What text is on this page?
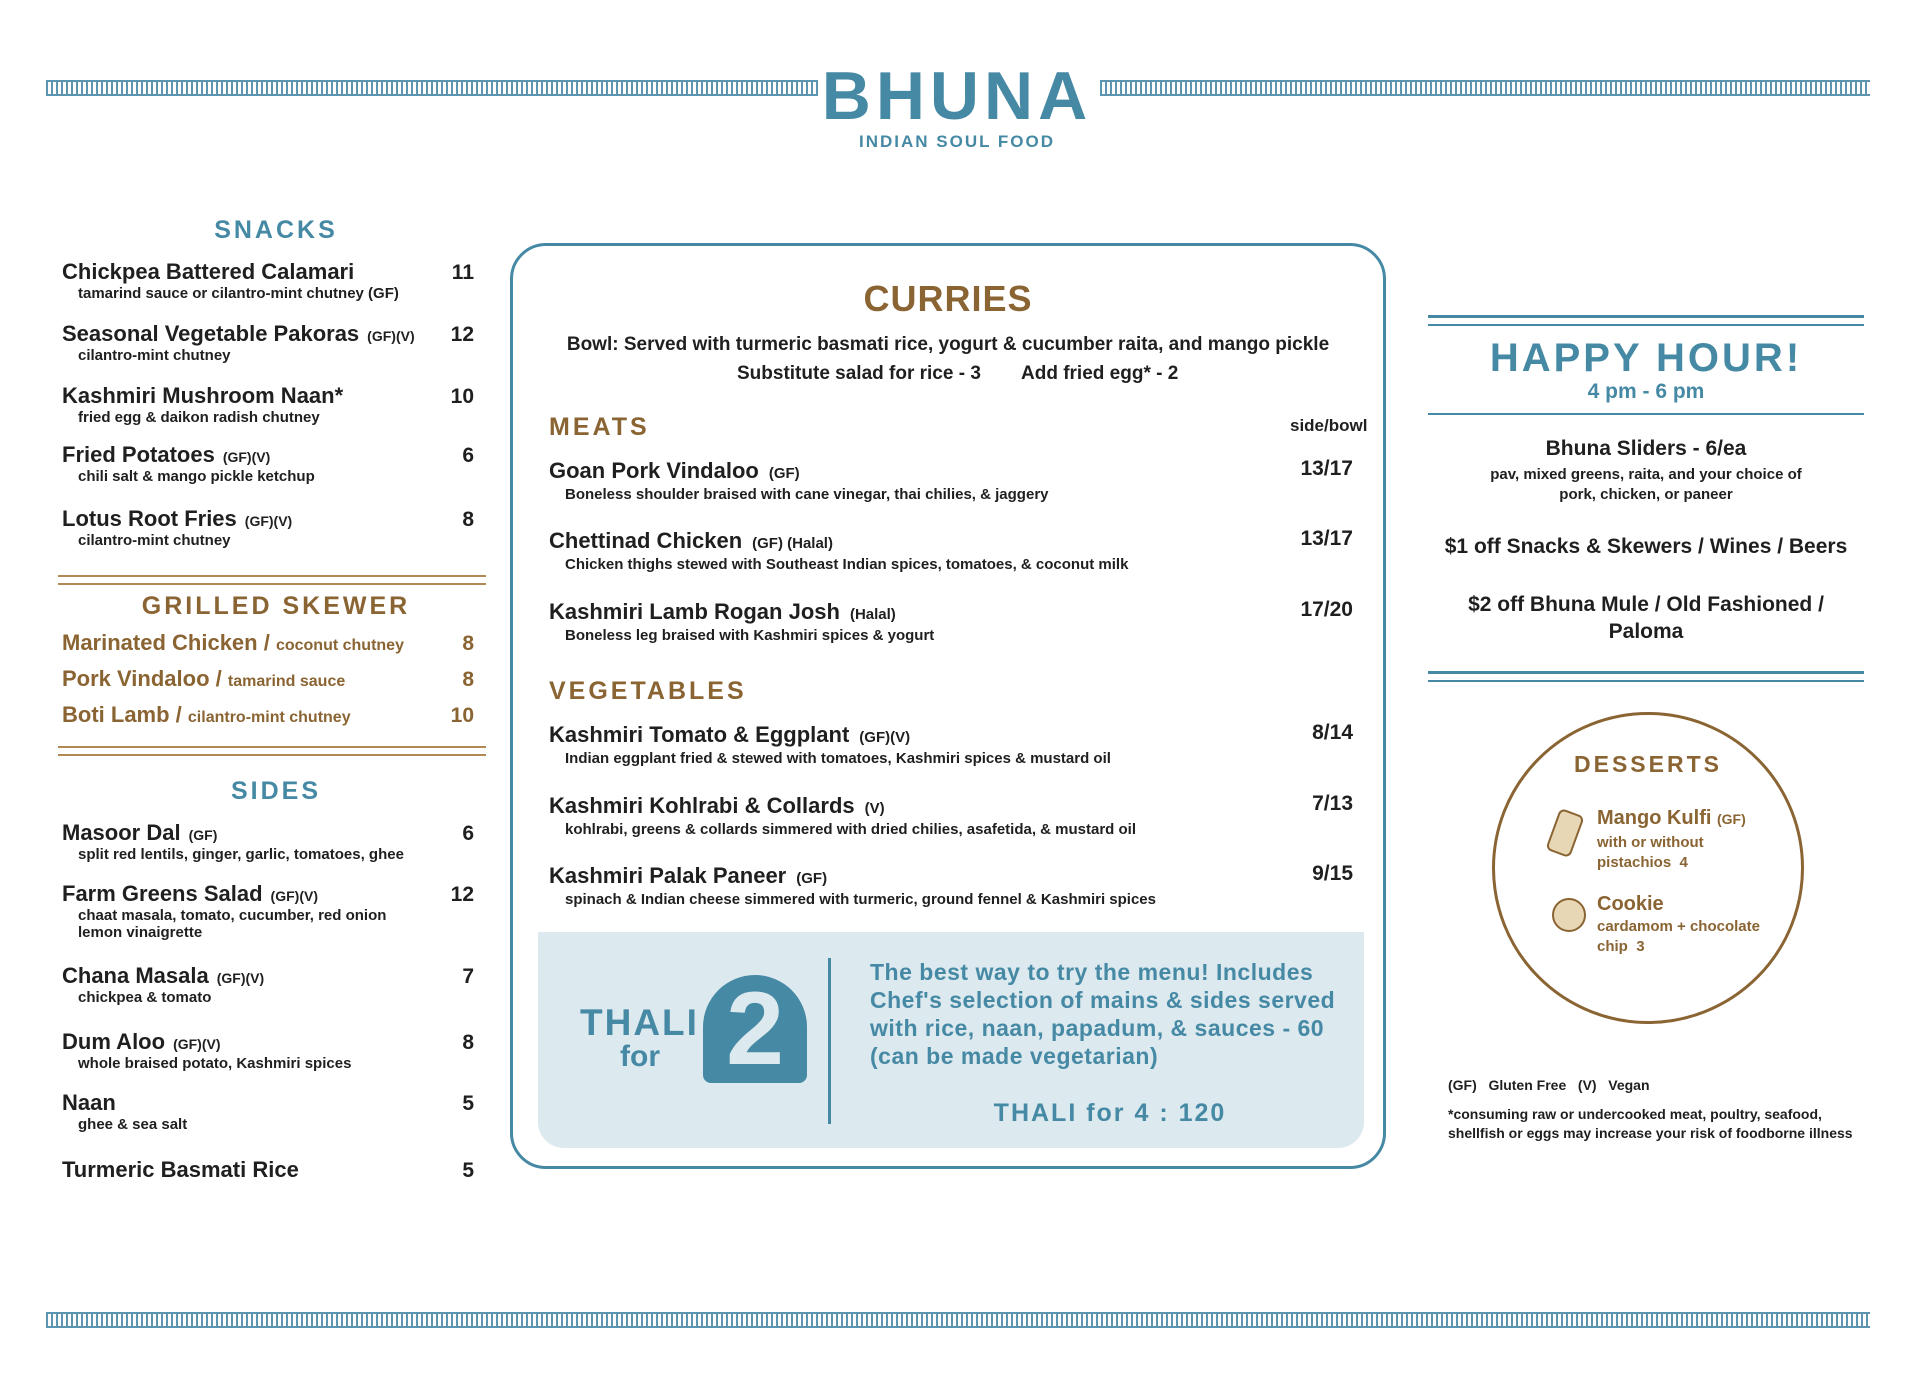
BHUNA
INDIAN SOUL FOOD
SNACKS
Chickpea Battered Calamari
tamarind sauce or cilantro-mint chutney (GF)
11
Seasonal Vegetable Pakoras (GF)(V)
cilantro-mint chutney
12
Kashmiri Mushroom Naan*
fried egg & daikon radish chutney
10
Fried Potatoes (GF)(V)
chili salt & mango pickle ketchup
6
Lotus Root Fries (GF)(V)
cilantro-mint chutney
8
GRILLED SKEWER
Marinated Chicken / coconut chutney	8
Pork Vindaloo / tamarind sauce	8
Boti Lamb / cilantro-mint chutney	10
SIDES
Masoor Dal (GF)
split red lentils, ginger, garlic, tomatoes, ghee
6
Farm Greens Salad (GF)(V)
chaat masala, tomato, cucumber, red onion
lemon vinaigrette
12
Chana Masala (GF)(V)
chickpea & tomato
7
Dum Aloo (GF)(V)
whole braised potato, Kashmiri spices
8
Naan
ghee & sea salt
5
Turmeric Basmati Rice	5
CURRIES
Bowl: Served with turmeric basmati rice, yogurt & cucumber raita, and mango pickle
Substitute salad for rice - 3 Add fried egg* - 2
MEATS	side/bowl
Goan Pork Vindaloo (GF)
Boneless shoulder braised with cane vinegar, thai chilies, & jaggery
13/17
Chettinad Chicken (GF) (Halal)
Chicken thighs stewed with Southeast Indian spices, tomatoes, & coconut milk
13/17
Kashmiri Lamb Rogan Josh (Halal)
Boneless leg braised with Kashmiri spices & yogurt
17/20
VEGETABLES
Kashmiri Tomato & Eggplant (GF)(V)
Indian eggplant fried & stewed with tomatoes, Kashmiri spices & mustard oil
8/14
Kashmiri Kohlrabi & Collards (V)
kohlrabi, greens & collards simmered with dried chilies, asafetida, & mustard oil
7/13
Kashmiri Palak Paneer (GF)
spinach & Indian cheese simmered with turmeric, ground fennel & Kashmiri spices
9/15
THALI
for 2	The best way to try the menu! Includes
Chef's selection of mains & sides served
with rice, naan, papadum, & sauces - 60
(can be made vegetarian)
THALI for 4 : 120
HAPPY HOUR!
4 pm - 6 pm
Bhuna Sliders - 6/ea
pav, mixed greens, raita, and your choice of
pork, chicken, or paneer
$1 off Snacks & Skewers / Wines / Beers
$2 off Bhuna Mule / Old Fashioned /
Paloma
DESSERTS
Mango Kulfi (GF)
with or without
pistachios 4
Cookie
cardamom + chocolate
chip 3
(GF) Gluten Free (V) Vegan
*consuming raw or undercooked meat, poultry, seafood,
shellfish or eggs may increase your risk of foodborne illness
